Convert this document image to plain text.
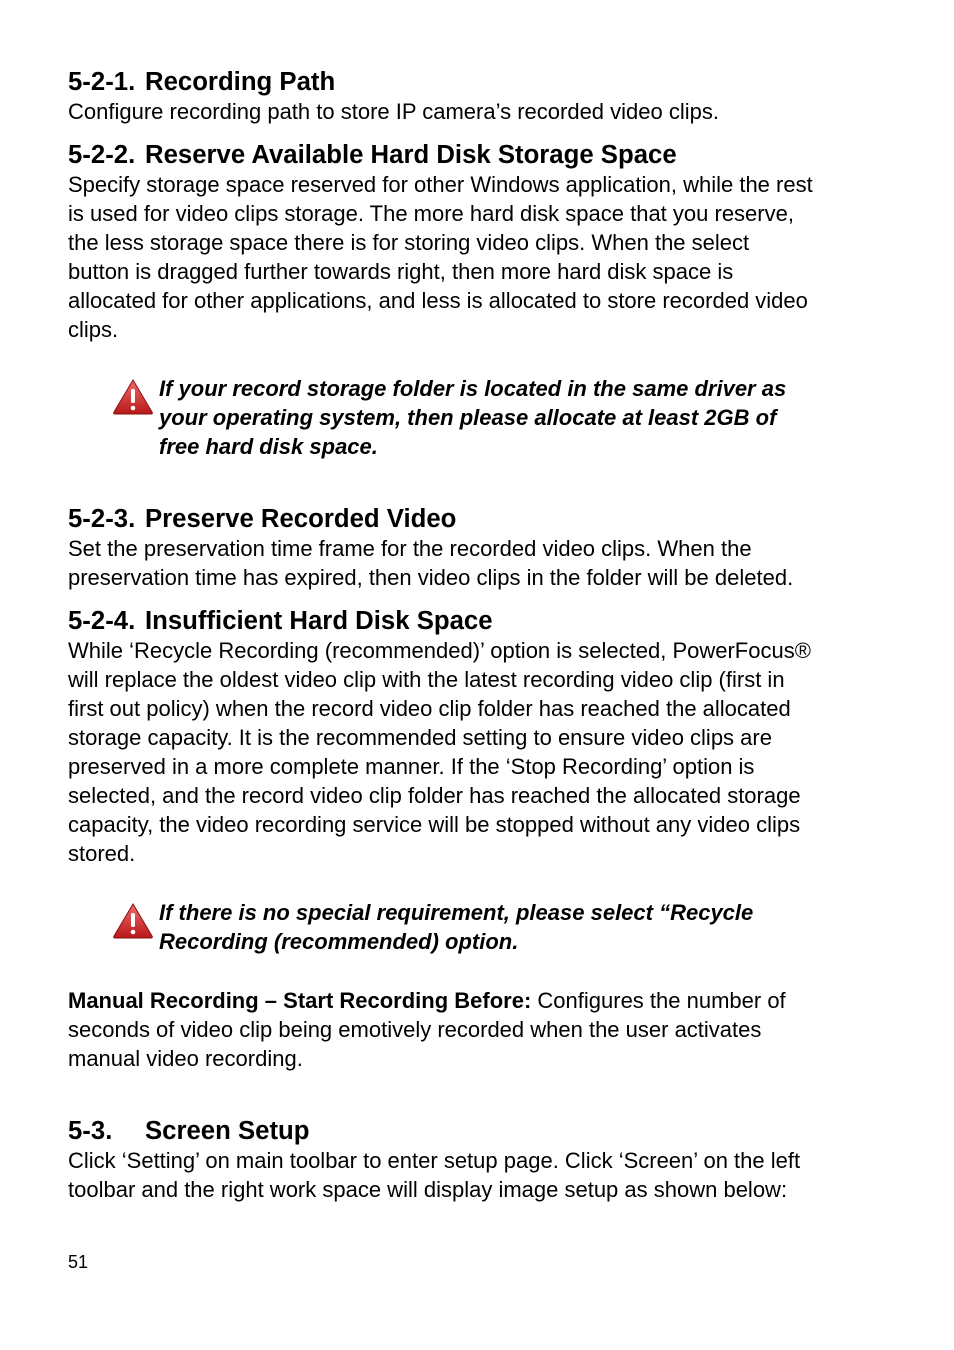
5-2-1. Recording Path

Configure recording path to store IP camera’s recorded video clips.

5-2-2. Reserve Available Hard Disk Storage Space

Specify storage space reserved for other Windows application, while the rest is used for video clips storage. The more hard disk space that you reserve, the less storage space there is for storing video clips. When the select button is dragged further towards right, then more hard disk space is allocated for other applications, and less is allocated to store recorded video clips.

If your record storage folder is located in the same driver as your operating system, then please allocate at least 2GB of free hard disk space.
5-2-3. Preserve Recorded Video

Set the preservation time frame for the recorded video clips. When the preservation time has expired, then video clips in the folder will be deleted.

5-2-4. Insufficient Hard Disk Space

While ‘Recycle Recording (recommended)’ option is selected, PowerFocus® will replace the oldest video clip with the latest recording video clip (first in first out policy) when the record video clip folder has reached the allocated storage capacity. It is the recommended setting to ensure video clips are preserved in a more complete manner. If the ‘Stop Recording’ option is selected, and the record video clip folder has reached the allocated storage capacity, the video recording service will be stopped without any video clips stored.

If there is no special requirement, please select “Recycle Recording (recommended) option.

Manual Recording – Start Recording Before: Configures the number of seconds of video clip being emotively recorded when the user activates manual video recording.

5-3. Screen Setup

Click ‘Setting’ on main toolbar to enter setup page. Click ‘Screen’ on the left toolbar and the right work space will display image setup as shown below:

51
